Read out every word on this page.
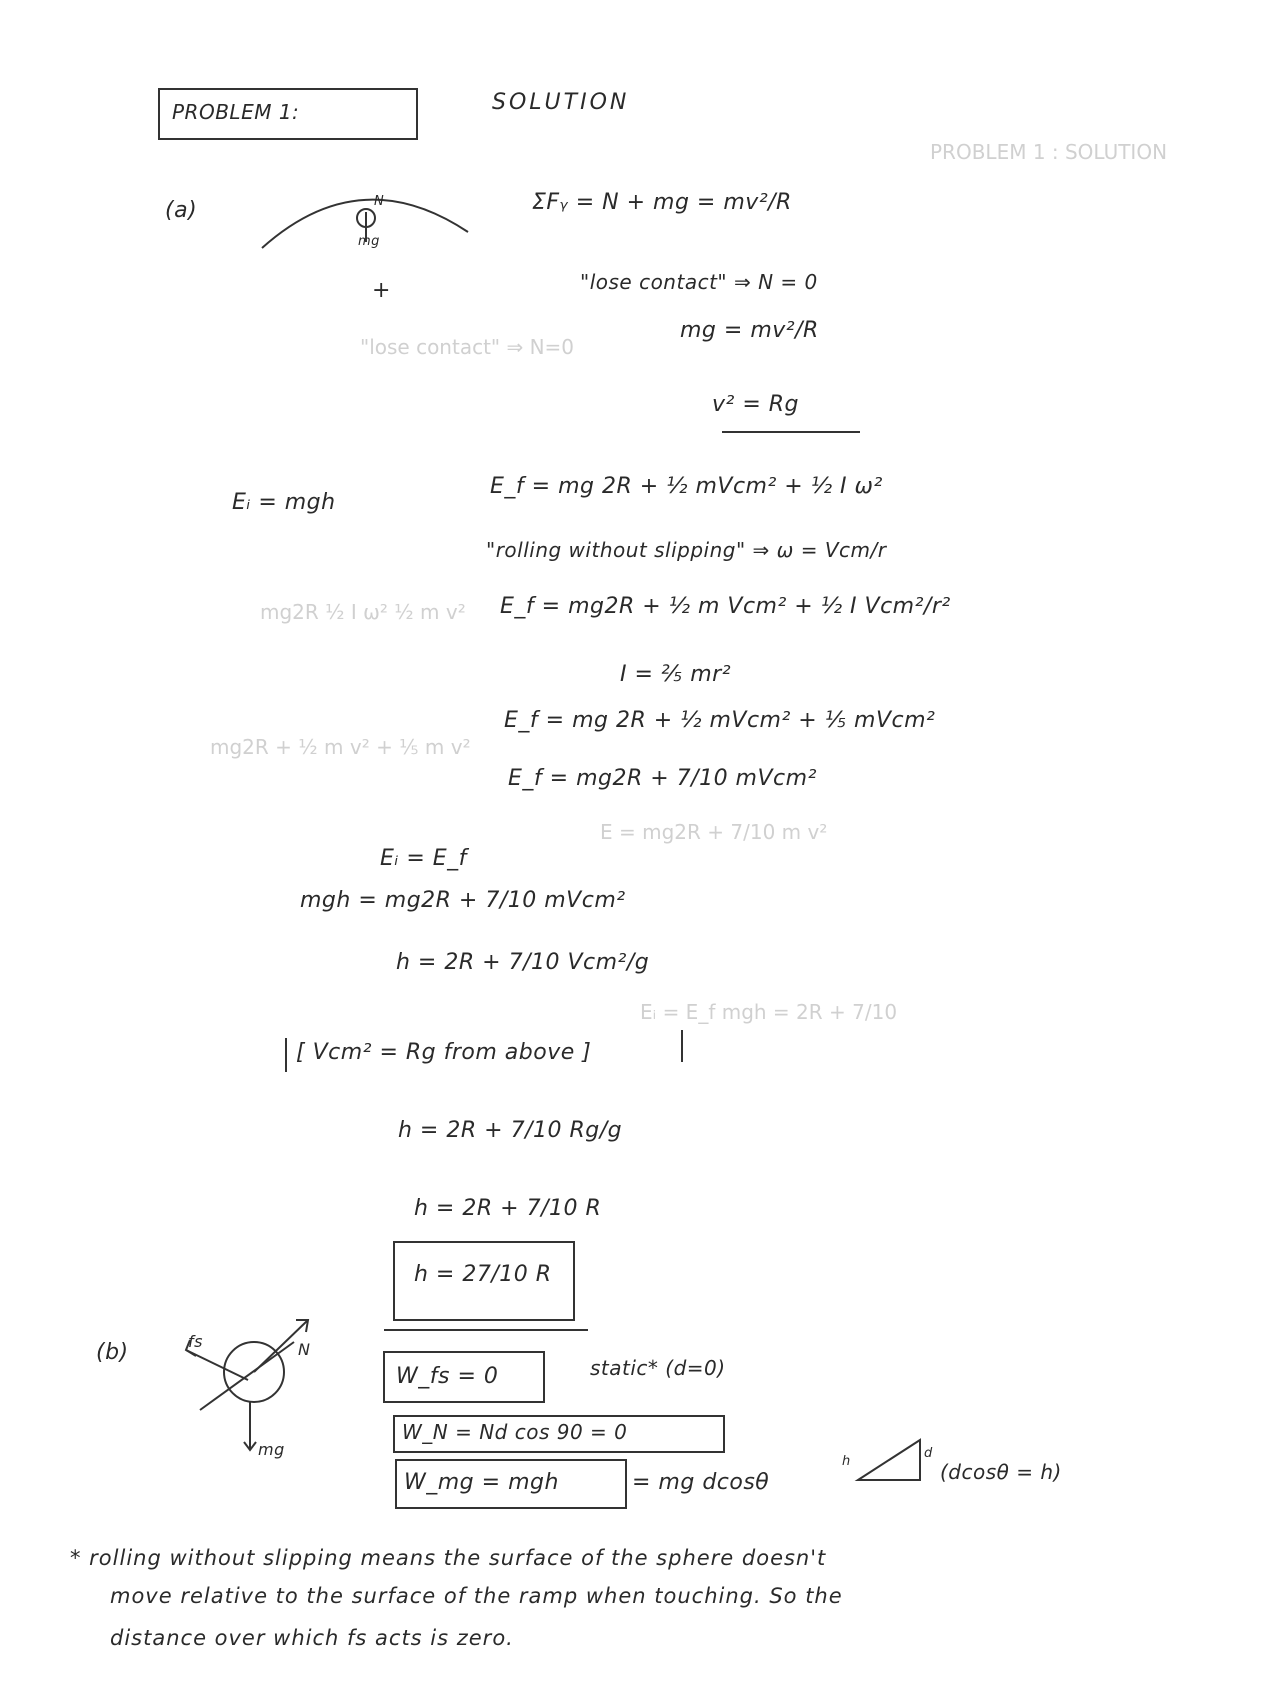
PROBLEM 1 : SOLUTION
"lose contact" ⇒ N=0
mg2R ½ I ω² ½ m v²
mg2R + ½ m v² + ⅕ m v²
E = mg2R + 7/10 m v²
Eᵢ = E_f mgh = 2R + 7/10
PROBLEM 1:	SOLUTION
(a)	N
mg
+
ΣFᵧ = N + mg = mv²/R
"lose contact" ⇒ N = 0
mg = mv²/R
v² = Rg
Eᵢ = mgh
E_f = mg 2R + ½ mVcm² + ½ I ω²
"rolling without slipping" ⇒ ω = Vcm/r
E_f = mg2R + ½ m Vcm² + ½ I Vcm²/r²
I = ⅖ mr²
E_f = mg 2R + ½ mVcm² + ⅕ mVcm²
E_f = mg2R + 7/10 mVcm²
Eᵢ = E_f
mgh = mg2R + 7/10 mVcm²
h = 2R + 7/10 Vcm²/g
[ Vcm² = Rg from above ]
h = 2R + 7/10 Rg/g
h = 2R + 7/10 R
h = 27/10 R
(b)	fs	N
mg
W_fs = 0	static* (d=0)
W_N = Nd cos 90 = 0
W_mg = mgh	= mg dcosθ
h
d
(dcosθ = h)
* rolling without slipping means the surface of the sphere doesn't
move relative to the surface of the ramp when touching. So the
distance over which fs acts is zero.
